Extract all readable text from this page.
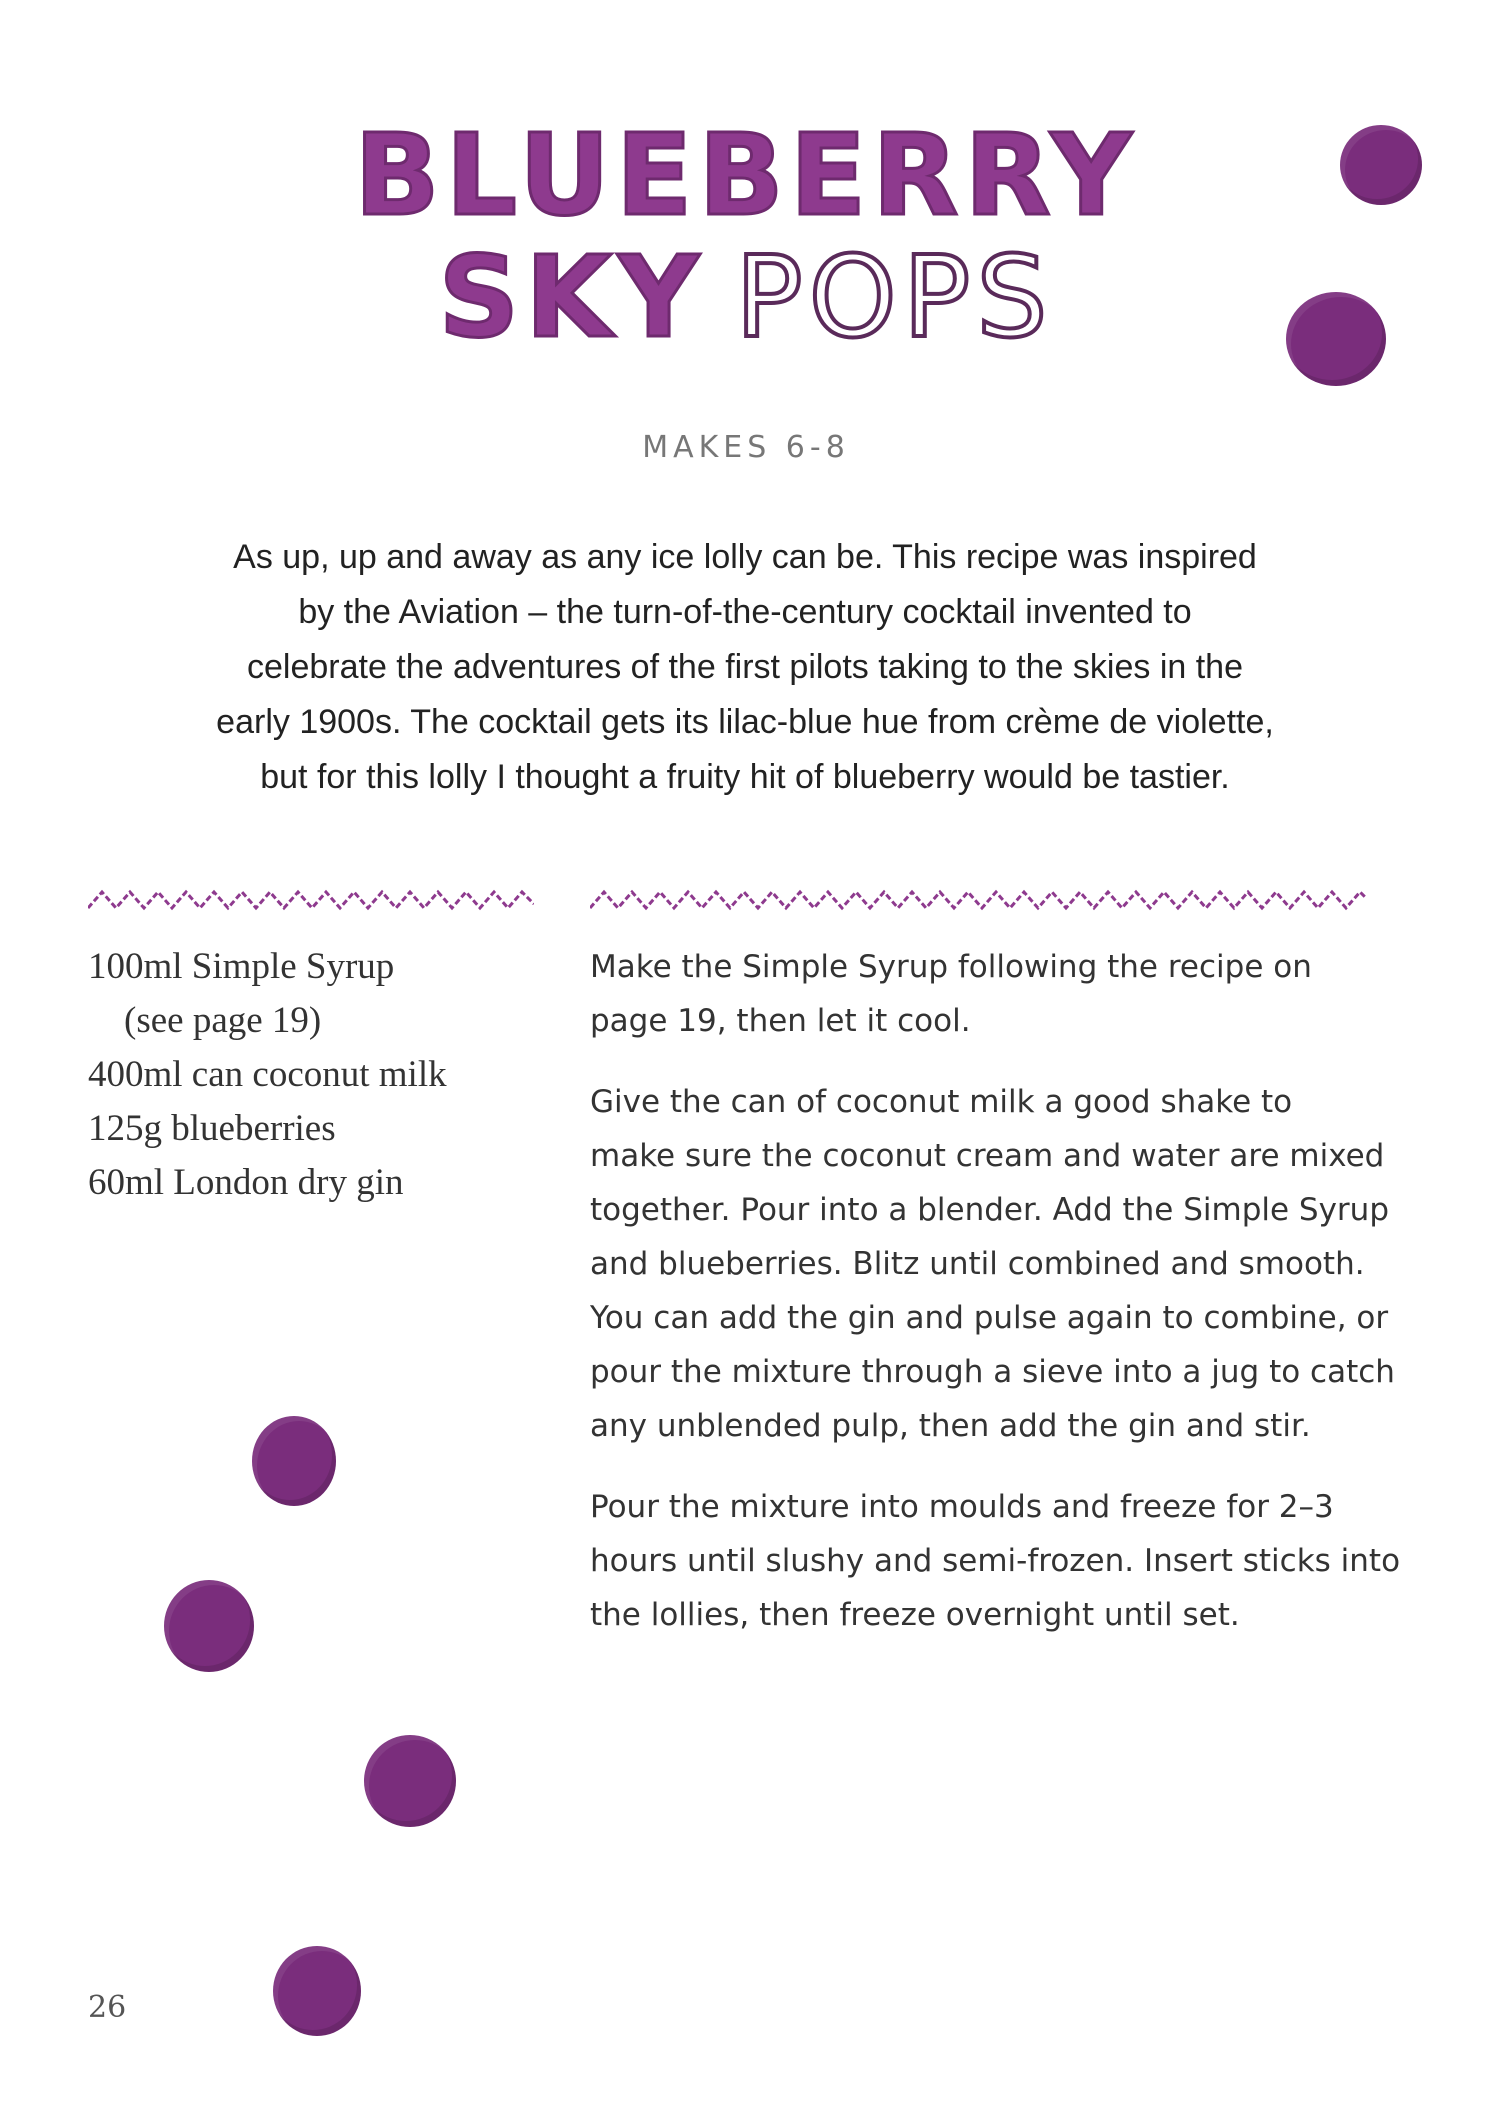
BLUEBERRY
SKY POPS
MAKES 6-8
As up, up and away as any ice lolly can be. This recipe was inspired
by the Aviation – the turn-of-the-century cocktail invented to
celebrate the adventures of the first pilots taking to the skies in the
early 1900s. The cocktail gets its lilac-blue hue from crème de violette,
but for this lolly I thought a fruity hit of blueberry would be tastier.
100ml Simple Syrup
(see page 19)
400ml can coconut milk
125g blueberries
60ml London dry gin

Make the Simple Syrup following the recipe on
page 19, then let it cool.

Give the can of coconut milk a good shake to
make sure the coconut cream and water are mixed
together. Pour into a blender. Add the Simple Syrup
and blueberries. Blitz until combined and smooth.
You can add the gin and pulse again to combine, or
pour the mixture through a sieve into a jug to catch
any unblended pulp, then add the gin and stir.

Pour the mixture into moulds and freeze for 2–3
hours until slushy and semi-frozen. Insert sticks into
the lollies, then freeze overnight until set.

26
